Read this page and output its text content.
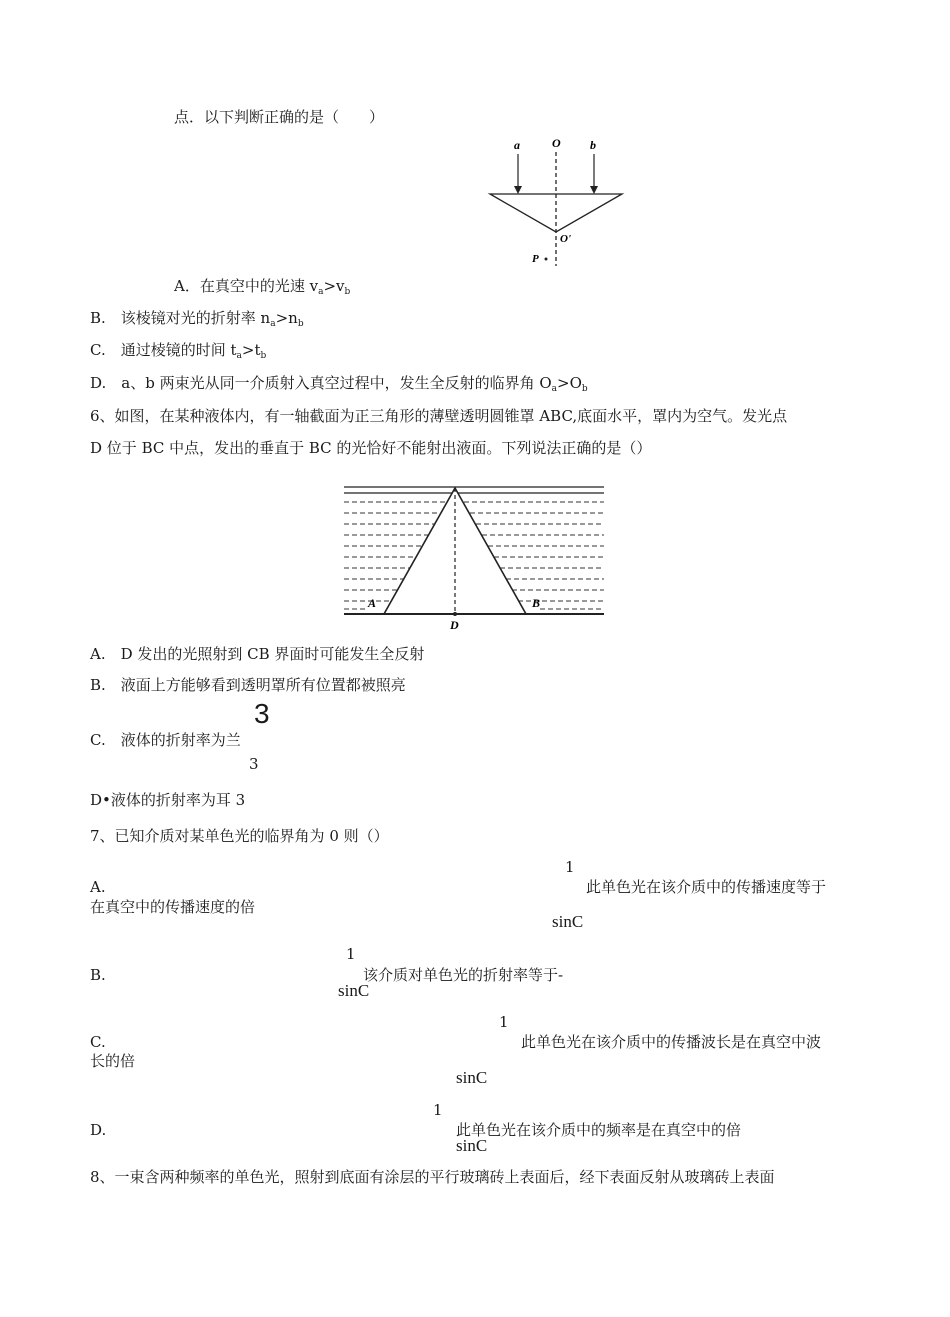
点．以下判断正确的是（　　）
a	O b
O'
P
A．在真空中的光速 $v_a>v_b$
B.　该棱镜对光的折射率 $n_a>n_b$
C.　通过棱镜的时间 $t_a>t_b$
D.　a、b 两束光从同一介质射入真空过程中，发生全反射的临界角 $O_a>O_b$
6、如图，在某种液体内，有一轴截面为正三角形的薄壁透明圆锥罩 ABC,底面水平，罩内为空气。发光点
D 位于 BC 中点，发出的垂直于 BC 的光恰好不能射出液面。下列说法正确的是（）
A	B
D
A.　D 发出的光照射到 CB 界面时可能发生全反射
B.　液面上方能够看到透明罩所有位置都被照亮
3
C.　液体的折射率为兰
3
D•液体的折射率为耳 3
7、已知介质对某单色光的临界角为 0 则（）
1
A.	此单色光在该介质中的传播速度等于
在真空中的传播速度的倍
sinC
1
B.	该介质对单色光的折射率等于-
sinC
1
C.	此单色光在该介质中的传播波长是在真空中波
长的倍
sinC
1
D.	此单色光在该介质中的频率是在真空中的倍
sinC
8、一束含两种频率的单色光，照射到底面有涂层的平行玻璃砖上表面后，经下表面反射从玻璃砖上表面
